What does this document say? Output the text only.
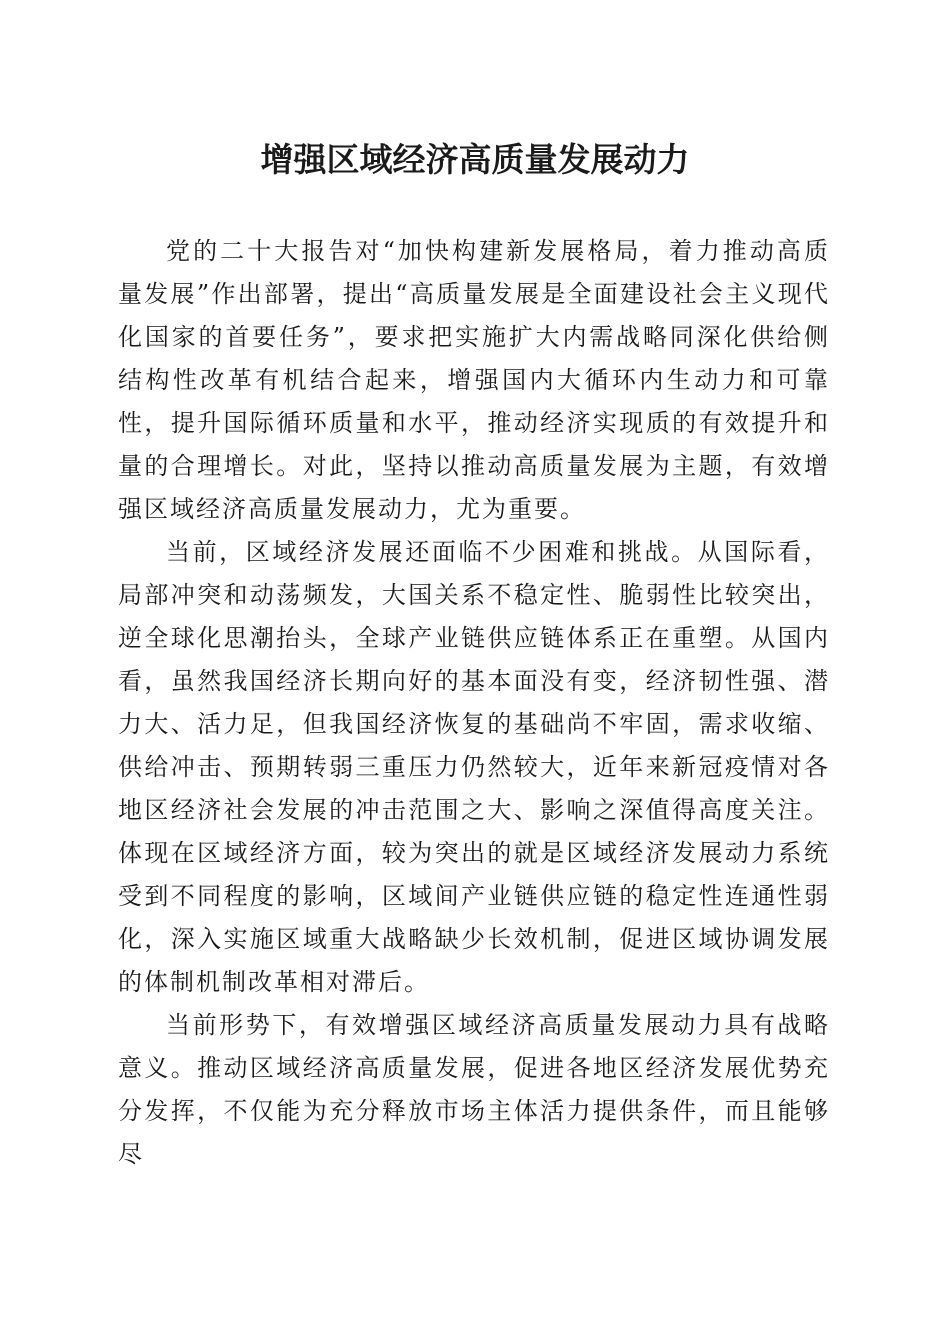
增强区域经济高质量发展动力

党的二十大报告对“加快构建新发展格局，着力推动高质量发展”作出部署，提出“高质量发展是全面建设社会主义现代化国家的首要任务”，要求把实施扩大内需战略同深化供给侧结构性改革有机结合起来，增强国内大循环内生动力和可靠性，提升国际循环质量和水平，推动经济实现质的有效提升和量的合理增长。对此，坚持以推动高质量发展为主题，有效增强区域经济高质量发展动力，尤为重要。

当前，区域经济发展还面临不少困难和挑战。从国际看，局部冲突和动荡频发，大国关系不稳定性、脆弱性比较突出，逆全球化思潮抬头，全球产业链供应链体系正在重塑。从国内看，虽然我国经济长期向好的基本面没有变，经济韧性强、潜力大、活力足，但我国经济恢复的基础尚不牢固，需求收缩、供给冲击、预期转弱三重压力仍然较大，近年来新冠疫情对各地区经济社会发展的冲击范围之大、影响之深值得高度关注。体现在区域经济方面，较为突出的就是区域经济发展动力系统受到不同程度的影响，区域间产业链供应链的稳定性连通性弱化，深入实施区域重大战略缺少长效机制，促进区域协调发展的体制机制改革相对滞后。

当前形势下，有效增强区域经济高质量发展动力具有战略意义。推动区域经济高质量发展，促进各地区经济发展优势充分发挥，不仅能为充分释放市场主体活力提供条件，而且能够尽
